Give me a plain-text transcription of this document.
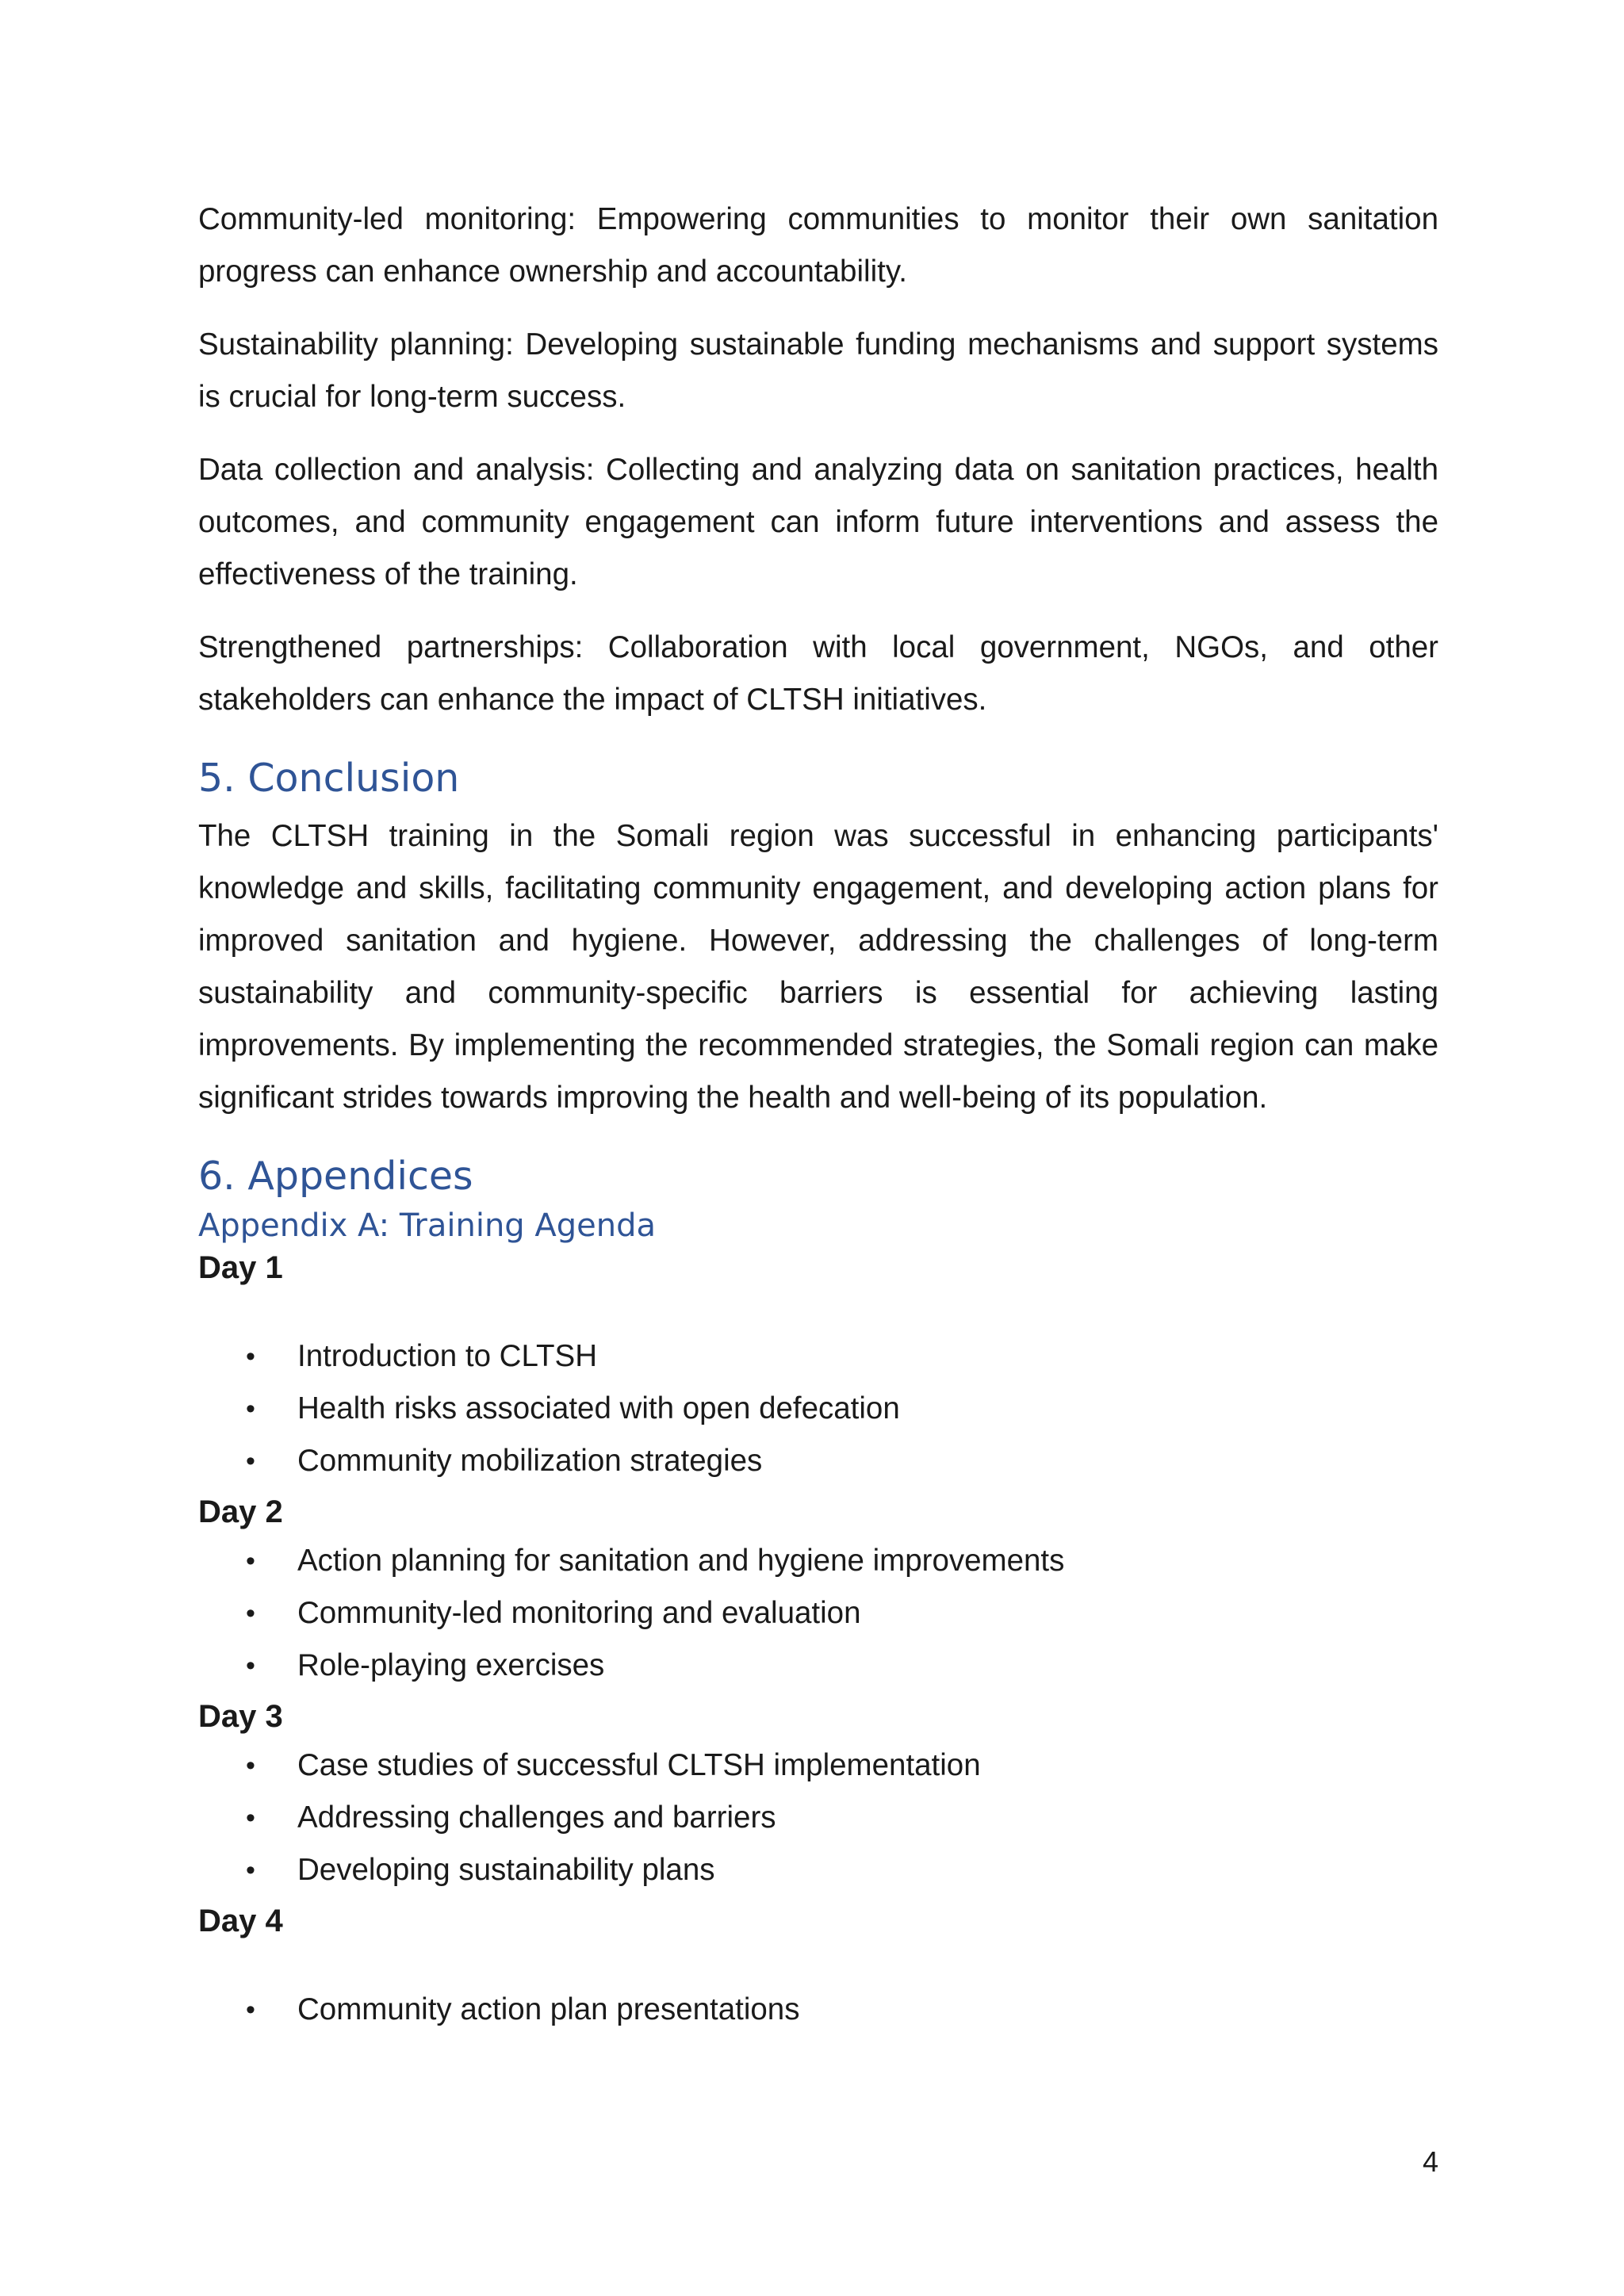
Community-led monitoring: Empowering communities to monitor their own sanitation progress can enhance ownership and accountability.

Sustainability planning: Developing sustainable funding mechanisms and support systems is crucial for long-term success.

Data collection and analysis: Collecting and analyzing data on sanitation practices, health outcomes, and community engagement can inform future interventions and assess the effectiveness of the training.

Strengthened partnerships: Collaboration with local government, NGOs, and other stakeholders can enhance the impact of CLTSH initiatives.

5. Conclusion

The CLTSH training in the Somali region was successful in enhancing participants' knowledge and skills, facilitating community engagement, and developing action plans for improved sanitation and hygiene. However, addressing the challenges of long-term sustainability and community-specific barriers is essential for achieving lasting improvements. By implementing the recommended strategies, the Somali region can make significant strides towards improving the health and well-being of its population.

6. Appendices
Appendix A: Training Agenda
Day 1
• Introduction to CLTSH
• Health risks associated with open defecation
• Community mobilization strategies
Day 2
• Action planning for sanitation and hygiene improvements
• Community-led monitoring and evaluation
• Role-playing exercises
Day 3
• Case studies of successful CLTSH implementation
• Addressing challenges and barriers
• Developing sustainability plans
Day 4
• Community action plan presentations
4
